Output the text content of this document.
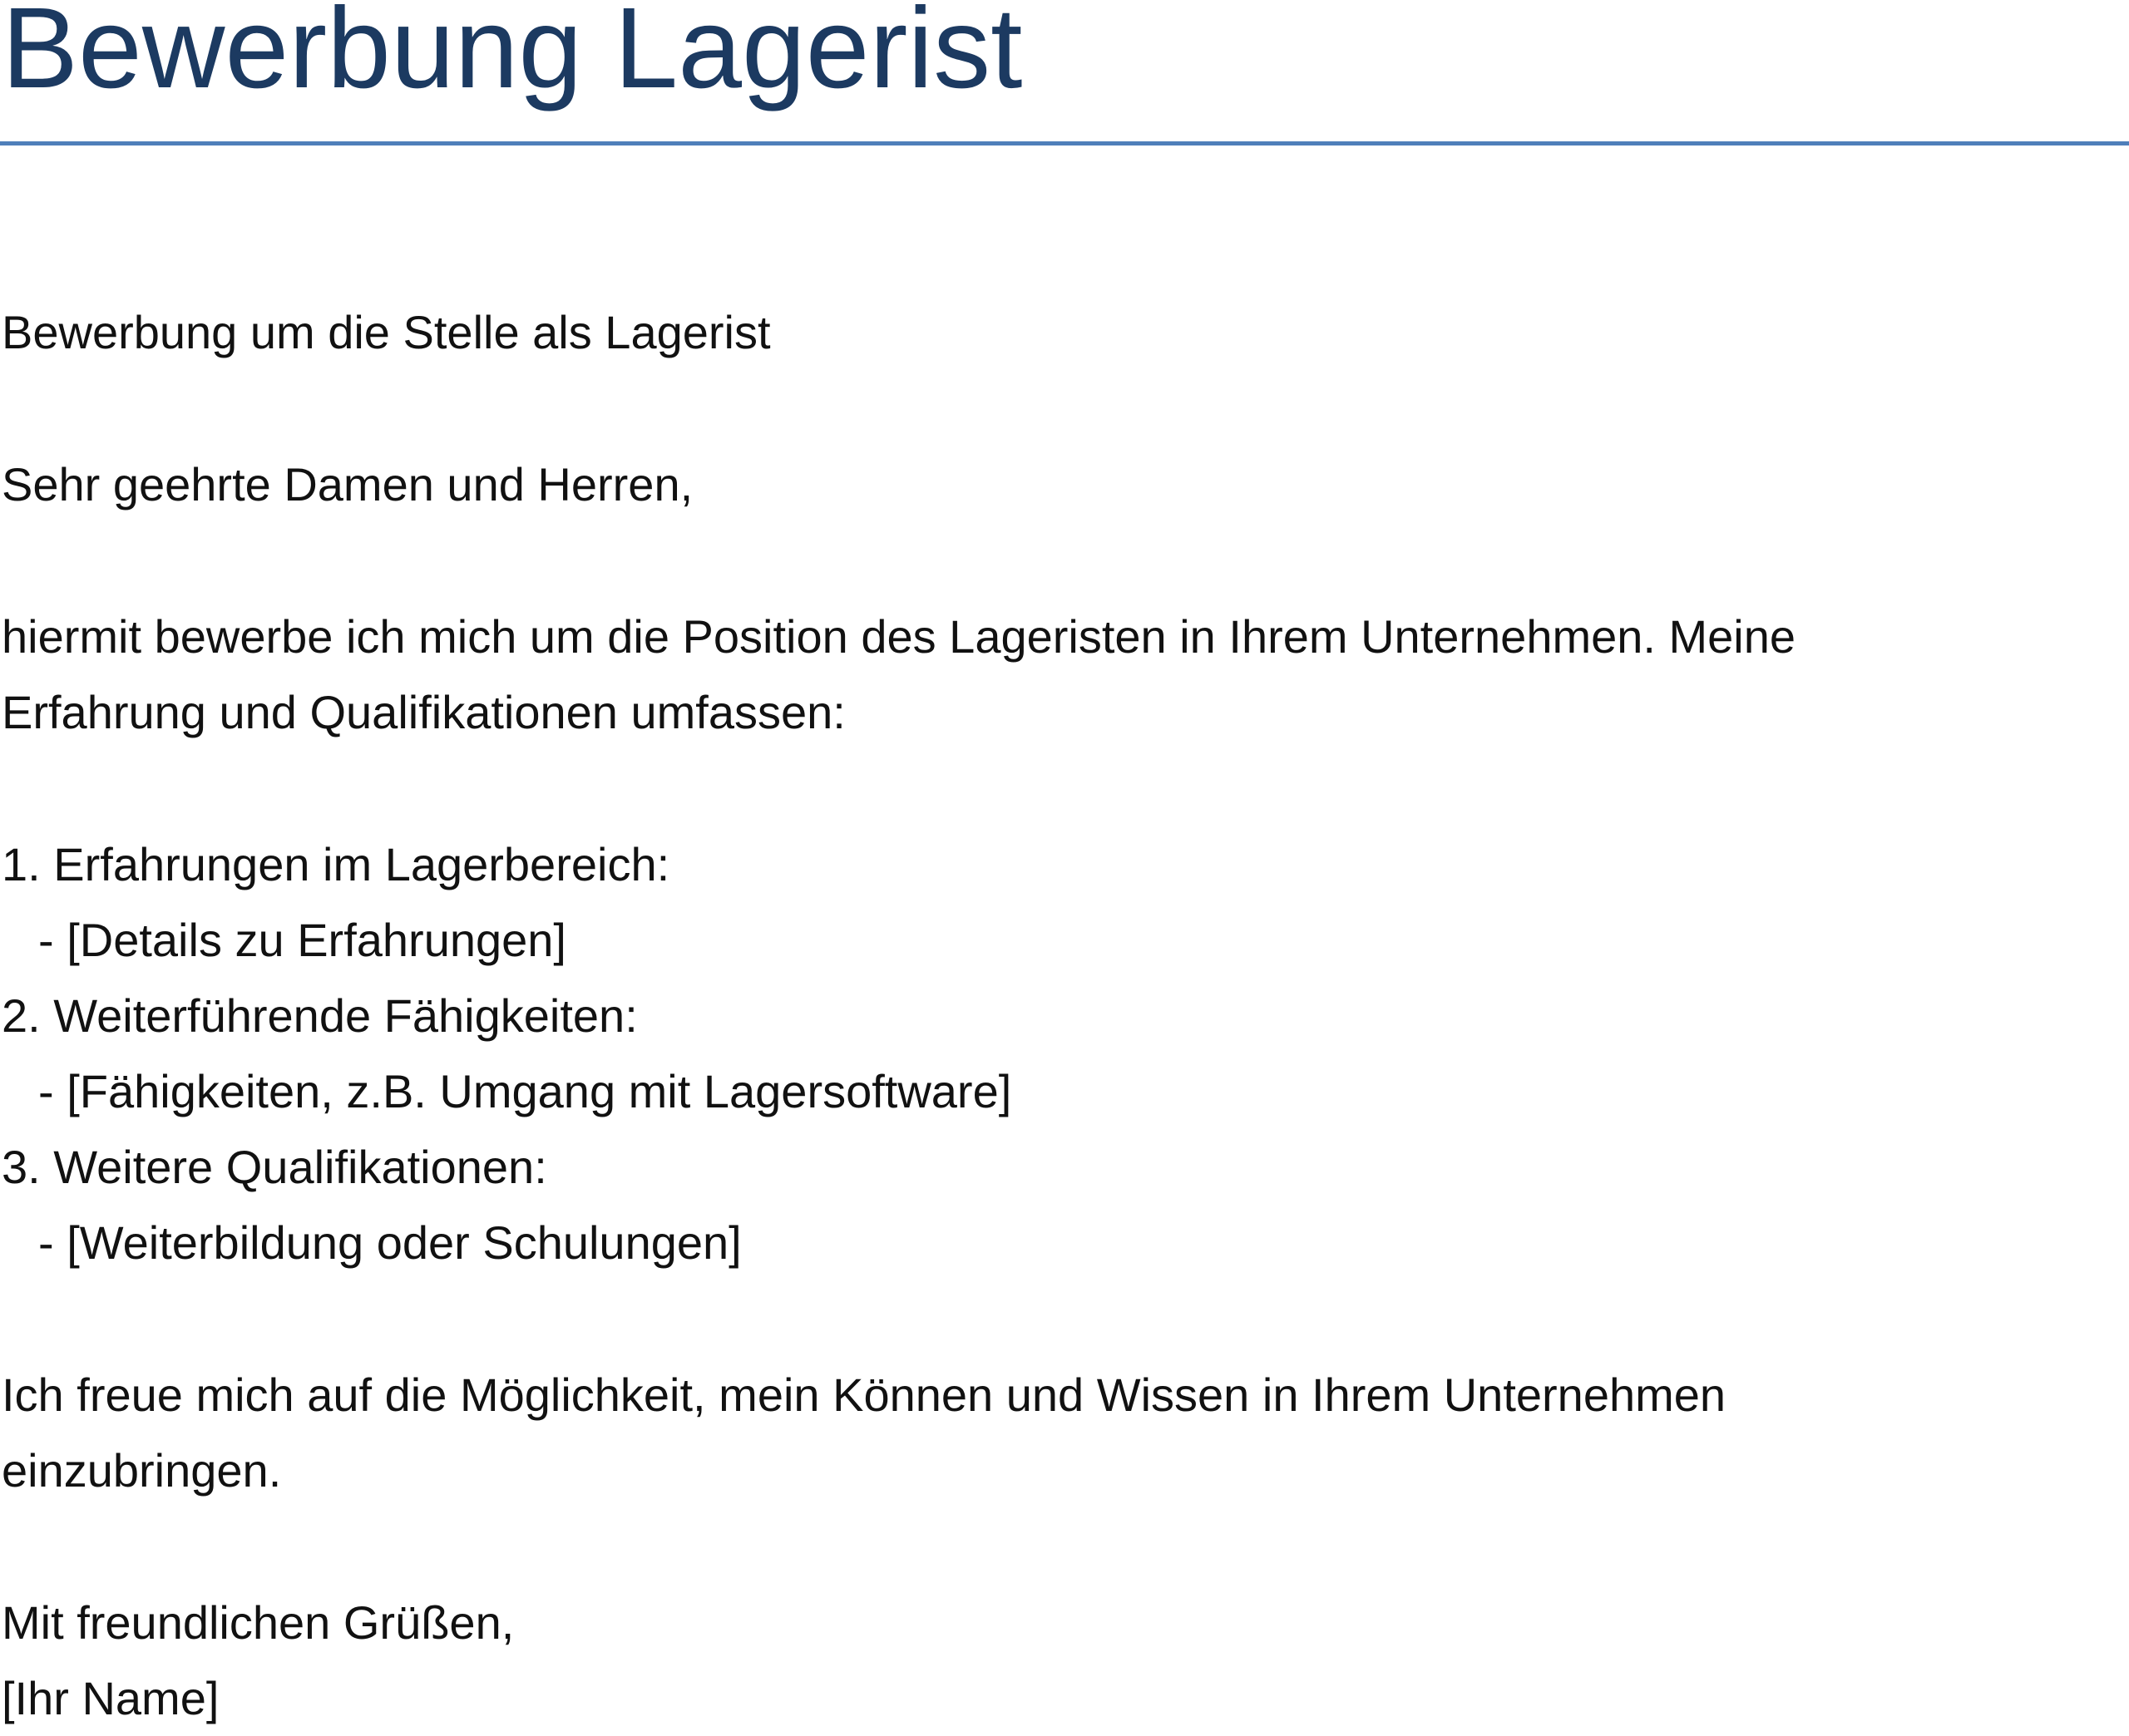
Bewerbung Lagerist
Bewerbung um die Stelle als Lagerist
Sehr geehrte Damen und Herren,
hiermit bewerbe ich mich um die Position des Lageristen in Ihrem Unternehmen. Meine
Erfahrung und Qualifikationen umfassen:
1. Erfahrungen im Lagerbereich:
- [Details zu Erfahrungen]
2. Weiterführende Fähigkeiten:
- [Fähigkeiten, z.B. Umgang mit Lagersoftware]
3. Weitere Qualifikationen:
- [Weiterbildung oder Schulungen]
Ich freue mich auf die Möglichkeit, mein Können und Wissen in Ihrem Unternehmen
einzubringen.
Mit freundlichen Grüßen,
[Ihr Name]
